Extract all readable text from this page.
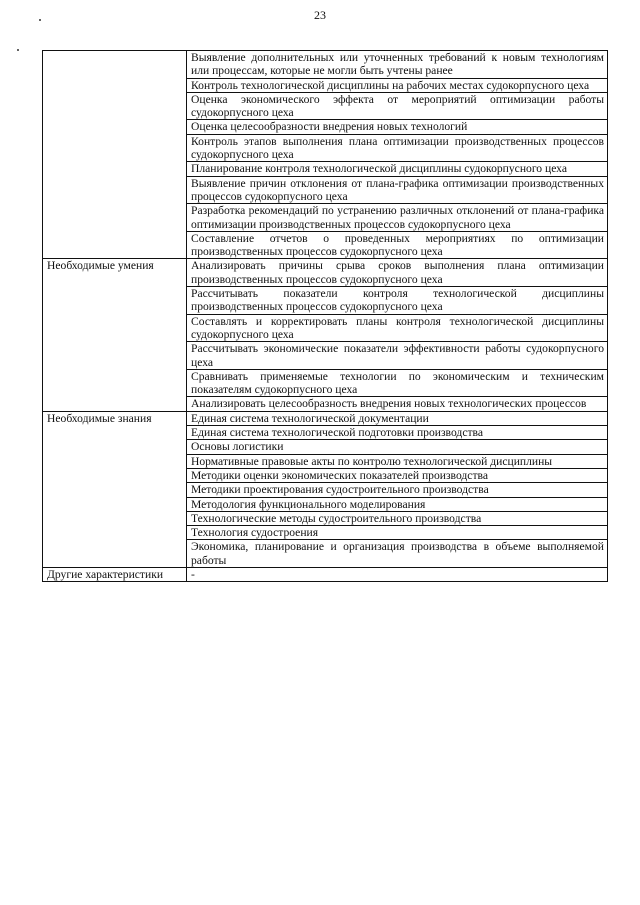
23
	Выявление дополнительных или уточненных требований к новым технологиям или процессам, которые не могли быть учтены ранее
	Контроль технологической дисциплины на рабочих местах судокорпусного цеха
	Оценка экономического эффекта от мероприятий оптимизации работы судокорпусного цеха
	Оценка целесообразности внедрения новых технологий
	Контроль этапов выполнения плана оптимизации производственных процессов судокорпусного цеха
	Планирование контроля технологической дисциплины судокорпусного цеха
	Выявление причин отклонения от плана-графика оптимизации производственных процессов судокорпусного цеха
	Разработка рекомендаций по устранению различных отклонений от плана-графика оптимизации производственных процессов судокорпусного цеха
	Составление отчетов о проведенных мероприятиях по оптимизации производственных процессов судокорпусного цеха
Необходимые умения	Анализировать причины срыва сроков выполнения плана оптимизации производственных процессов судокорпусного цеха
	Рассчитывать показатели контроля технологической дисциплины производственных процессов судокорпусного цеха
	Составлять и корректировать планы контроля технологической дисциплины судокорпусного цеха
	Рассчитывать экономические показатели эффективности работы судокорпусного цеха
	Сравнивать применяемые технологии по экономическим и техническим показателям судокорпусного цеха
	Анализировать целесообразность внедрения новых технологических процессов
Необходимые знания	Единая система технологической документации
	Единая система технологической подготовки производства
	Основы логистики
	Нормативные правовые акты по контролю технологической дисциплины
	Методики оценки экономических показателей производства
	Методики проектирования судостроительного производства
	Методология функционального моделирования
	Технологические методы судостроительного производства
	Технология судостроения
	Экономика, планирование и организация производства в объеме выполняемой работы
Другие характеристики	-
